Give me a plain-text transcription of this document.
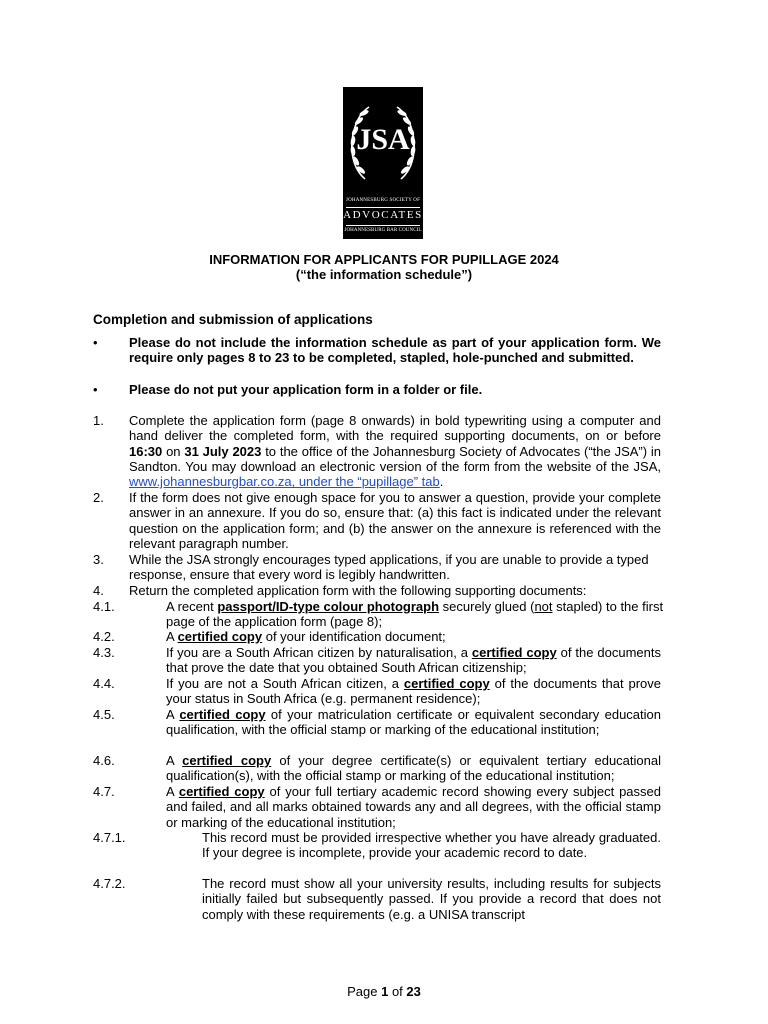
JSA
JOHANNESBURG SOCIETY OF
ADVOCATES
JOHANNESBURG BAR COUNCIL
INFORMATION FOR APPLICANTS FOR PUPILLAGE 2024
(“the information schedule”)
Completion and submission of applications
• Please do not include the information schedule as part of your application form. We require only pages 8 to 23 to be completed, stapled, hole-punched and submitted.
• Please do not put your application form in a folder or file.
1. Complete the application form (page 8 onwards) in bold typewriting using a computer and hand deliver the completed form, with the required supporting documents, on or before 16:30 on 31 July 2023 to the office of the Johannesburg Society of Advocates (“the JSA”) in Sandton. You may download an electronic version of the form from the website of the JSA, www.johannesburgbar.co.za, under the “pupillage” tab.
2. If the form does not give enough space for you to answer a question, provide your complete answer in an annexure. If you do so, ensure that: (a) this fact is indicated under the relevant question on the application form; and (b) the answer on the annexure is referenced with the relevant paragraph number.
3. While the JSA strongly encourages typed applications, if you are unable to provide a typed response, ensure that every word is legibly handwritten.
4. Return the completed application form with the following supporting documents:
4.1.	A recent passport/ID-type colour photograph securely glued (not stapled) to the first page of the application form (page 8);
4.2.	A certified copy of your identification document;
4.3.	If you are a South African citizen by naturalisation, a certified copy of the documents that prove the date that you obtained South African citizenship;
4.4.	If you are not a South African citizen, a certified copy of the documents that prove your status in South Africa (e.g. permanent residence);
4.5.	A certified copy of your matriculation certificate or equivalent secondary education qualification, with the official stamp or marking of the educational institution;
4.6.	A certified copy of your degree certificate(s) or equivalent tertiary educational qualification(s), with the official stamp or marking of the educational institution;
4.7.	A certified copy of your full tertiary academic record showing every subject passed and failed, and all marks obtained towards any and all degrees, with the official stamp or marking of the educational institution;
4.7.1.	This record must be provided irrespective whether you have already graduated. If your degree is incomplete, provide your academic record to date.
4.7.2.	The record must show all your university results, including results for subjects initially failed but subsequently passed. If you provide a record that does not comply with these requirements (e.g. a UNISA transcript
Page 1 of 23
